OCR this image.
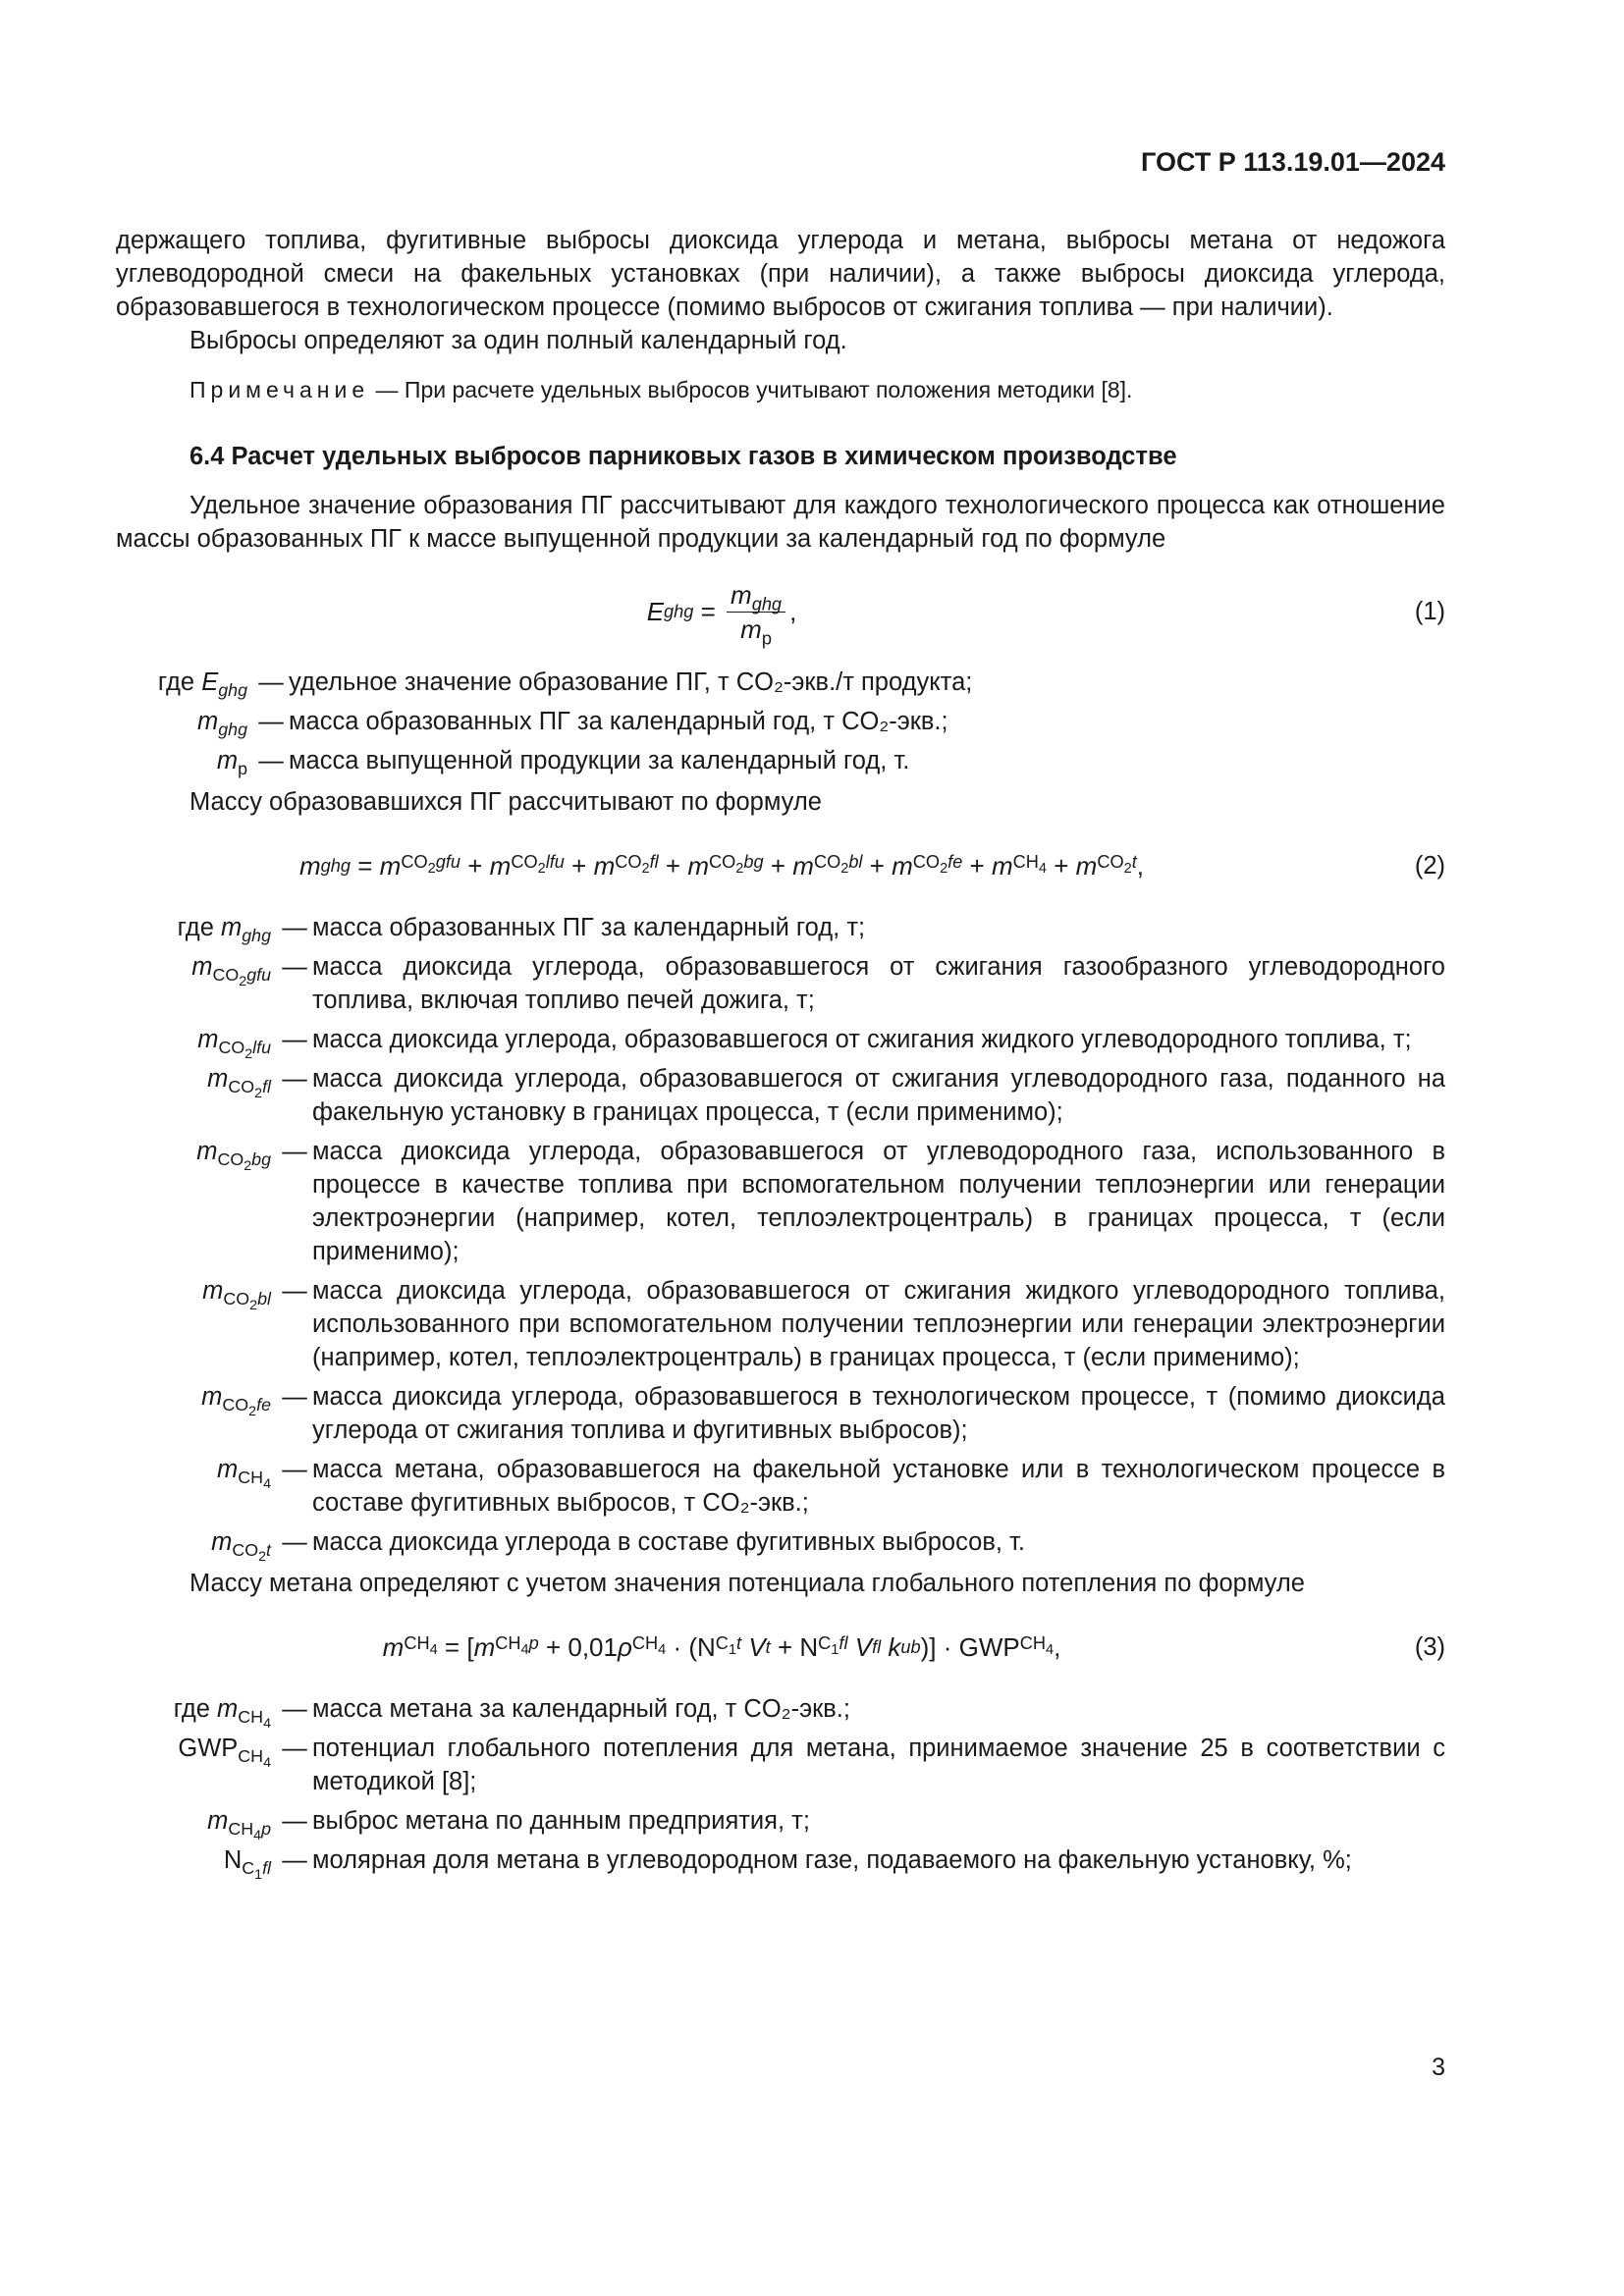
ГОСТ Р 113.19.01—2024

держащего топлива, фугитивные выбросы диоксида углерода и метана, выбросы метана от недожога углеводородной смеси на факельных установках (при наличии), а также выбросы диоксида углерода, образовавшегося в технологическом процессе (помимо выбросов от сжигания топлива — при наличии).

Выбросы определяют за один полный календарный год.

Примечание — При расчете удельных выбросов учитывают положения методики [8].

6.4 Расчет удельных выбросов парниковых газов в химическом производстве

Удельное значение образования ПГ рассчитывают для каждого технологического процесса как отношение массы образованных ПГ к массе выпущенной продукции за календарный год по формуле

E ghg = $\frac{m_{ghg}}{m_р}$ ,	(1)
где $E_{ghg}$ — удельное значение образование ПГ, т CO₂-экв./т продукта;
$m_{ghg}$ — масса образованных ПГ за календарный год, т CO₂-экв.;
$m_р$ — масса выпущенной продукции за календарный год, т.

Массу образовавшихся ПГ рассчитывают по формуле

m ghg = m $CO_2gfu + m$ $CO_2lfu + m$ $CO_2fl + m$ $CO_2bg + m$ $CO_2bl + m$ $CO_2fe + m$ $CH_4 + m$ $CO_2t$ ,	(2)
где $m_{ghg}$ — масса образованных ПГ за календарный год, т;
$m_{CO_2gfu}$ — масса диоксида углерода, образовавшегося от сжигания газообразного углеводородного топлива, включая топливо печей дожига, т;
$m_{CO_2lfu}$ — масса диоксида углерода, образовавшегося от сжигания жидкого углеводородного топлива, т;
$m_{CO_2fl}$ — масса диоксида углерода, образовавшегося от сжигания углеводородного газа, поданного на факельную установку в границах процесса, т (если применимо);
$m_{CO_2bg}$ — масса диоксида углерода, образовавшегося от углеводородного газа, использованного в процессе в качестве топлива при вспомогательном получении теплоэнергии или генерации электроэнергии (например, котел, теплоэлектроцентраль) в границах процесса, т (если применимо);
$m_{CO_2bl}$ — масса диоксида углерода, образовавшегося от сжигания жидкого углеводородного топлива, использованного при вспомогательном получении теплоэнергии или генерации электроэнергии (например, котел, теплоэлектроцентраль) в границах процесса, т (если применимо);
$m_{CO_2fe}$ — масса диоксида углерода, образовавшегося в технологическом процессе, т (помимо диоксида углерода от сжигания топлива и фугитивных выбросов);
$m_{CH_4}$
— масса метана, образовавшегося на факельной установке или в технологическом процессе в составе фугитивных выбросов, т CO₂-экв.;
$m_{CO_2t}$ — масса диоксида углерода в составе фугитивных выбросов, т.

Массу метана определяют с учетом значения потенциала глобального потепления по формуле

m $CH_4$ = [ m $CH_4p + 0,01$ ρ $CH_4 \cdot (N$ $C_1t$
V t + N $C_1fl$
V fl
k ub )] · GWP $CH_4$ ,	(3)
где $m_{CH_4}$
— масса метана за календарный год, т CO₂-экв.;
$GWP_{CH_4}$
— потенциал глобального потепления для метана, принимаемое значение 25 в соответствии с методикой [8];
$m_{CH_4p}$ — выброс метана по данным предприятия, т;
$N_{C_1fl}$ — молярная доля метана в углеводородном газе, подаваемого на факельную установку, %;
3
